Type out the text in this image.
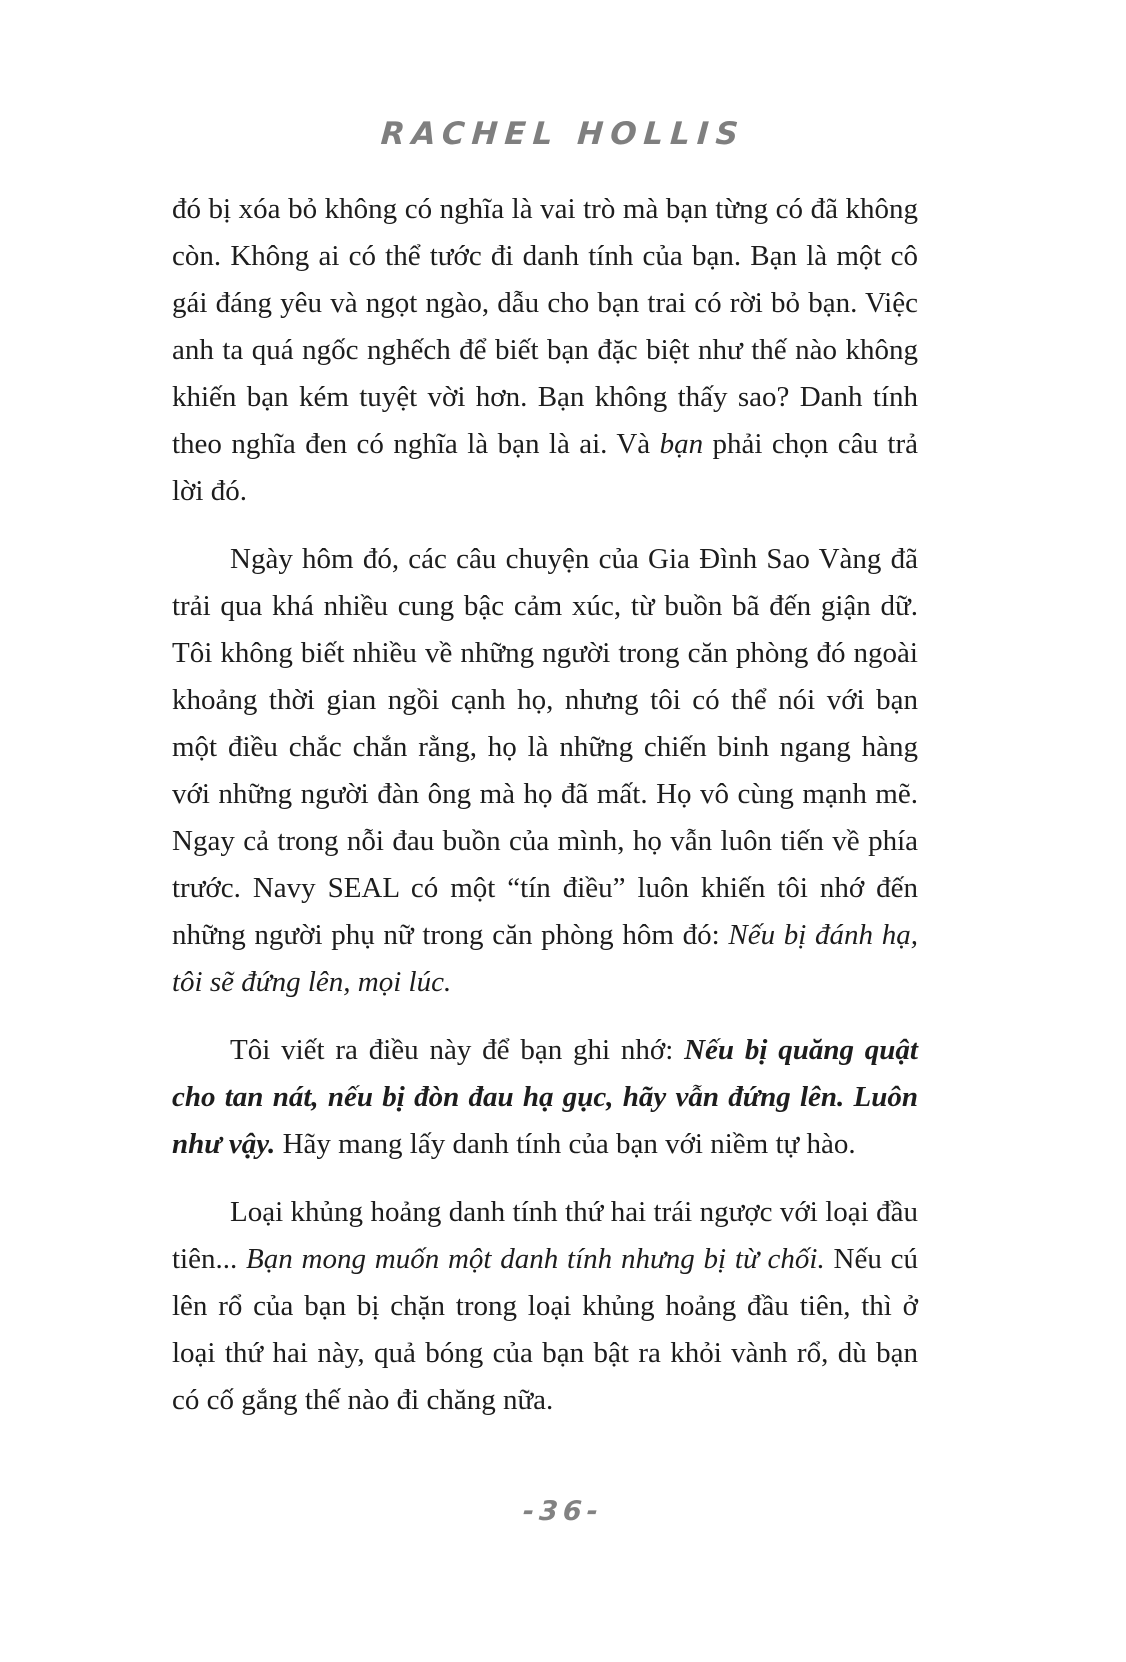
RACHEL HOLLIS

đó bị xóa bỏ không có nghĩa là vai trò mà bạn từng có đã không còn. Không ai có thể tước đi danh tính của bạn. Bạn là một cô gái đáng yêu và ngọt ngào, dẫu cho bạn trai có rời bỏ bạn. Việc anh ta quá ngốc nghếch để biết bạn đặc biệt như thế nào không khiến bạn kém tuyệt vời hơn. Bạn không thấy sao? Danh tính theo nghĩa đen có nghĩa là bạn là ai. Và bạn phải chọn câu trả lời đó.

Ngày hôm đó, các câu chuyện của Gia Đình Sao Vàng đã trải qua khá nhiều cung bậc cảm xúc, từ buồn bã đến giận dữ. Tôi không biết nhiều về những người trong căn phòng đó ngoài khoảng thời gian ngồi cạnh họ, nhưng tôi có thể nói với bạn một điều chắc chắn rằng, họ là những chiến binh ngang hàng với những người đàn ông mà họ đã mất. Họ vô cùng mạnh mẽ. Ngay cả trong nỗi đau buồn của mình, họ vẫn luôn tiến về phía trước. Navy SEAL có một “tín điều” luôn khiến tôi nhớ đến những người phụ nữ trong căn phòng hôm đó: Nếu bị đánh hạ, tôi sẽ đứng lên, mọi lúc.

Tôi viết ra điều này để bạn ghi nhớ: Nếu bị quăng quật cho tan nát, nếu bị đòn đau hạ gục, hãy vẫn đứng lên. Luôn như vậy. Hãy mang lấy danh tính của bạn với niềm tự hào.

Loại khủng hoảng danh tính thứ hai trái ngược với loại đầu tiên... Bạn mong muốn một danh tính nhưng bị từ chối. Nếu cú lên rổ của bạn bị chặn trong loại khủng hoảng đầu tiên, thì ở loại thứ hai này, quả bóng của bạn bật ra khỏi vành rổ, dù bạn có cố gắng thế nào đi chăng nữa.

-36-
